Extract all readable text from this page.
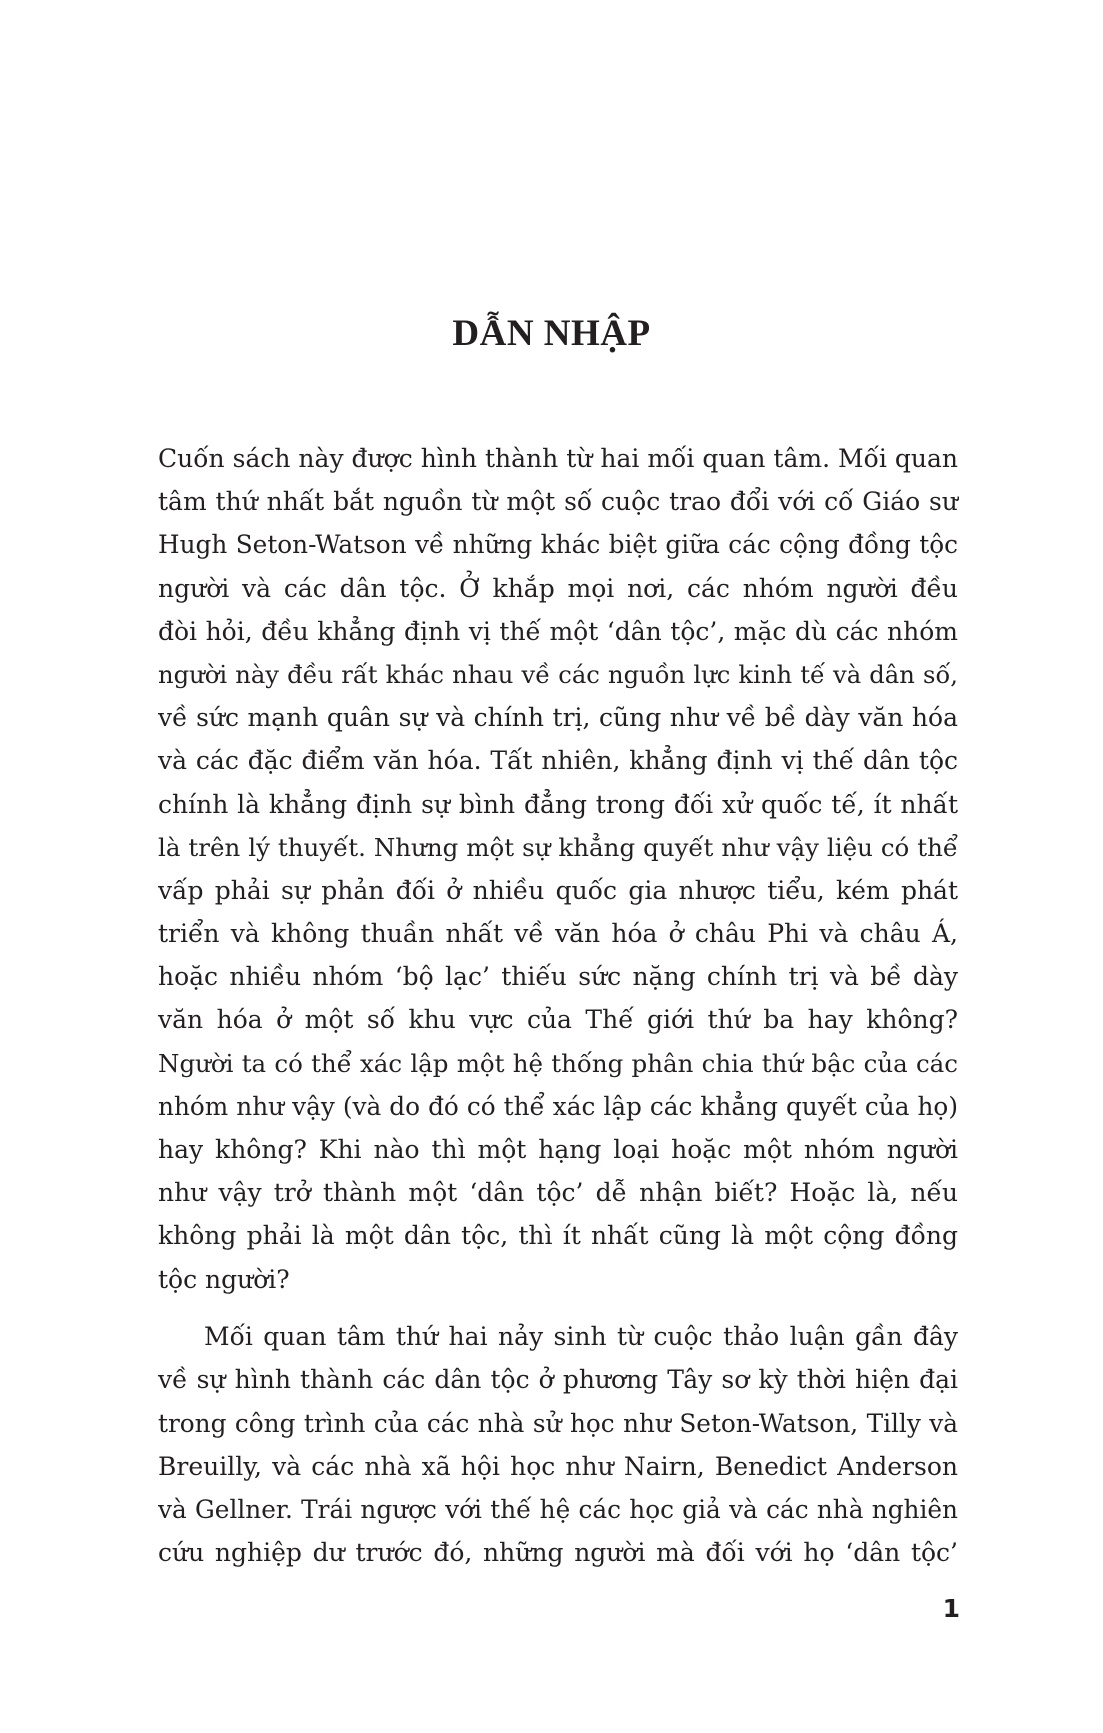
DẪN NHẬP

Cuốn sách này được hình thành từ hai mối quan tâm. Mối quan
tâm thứ nhất bắt nguồn từ một số cuộc trao đổi với cố Giáo sư
Hugh Seton-Watson về những khác biệt giữa các cộng đồng tộc
người và các dân tộc. Ở khắp mọi nơi, các nhóm người đều
đòi hỏi, đều khẳng định vị thế một ‘dân tộc’, mặc dù các nhóm
người này đều rất khác nhau về các nguồn lực kinh tế và dân số,
về sức mạnh quân sự và chính trị, cũng như về bề dày văn hóa
và các đặc điểm văn hóa. Tất nhiên, khẳng định vị thế dân tộc
chính là khẳng định sự bình đẳng trong đối xử quốc tế, ít nhất
là trên lý thuyết. Nhưng một sự khẳng quyết như vậy liệu có thể
vấp phải sự phản đối ở nhiều quốc gia nhược tiểu, kém phát
triển và không thuần nhất về văn hóa ở châu Phi và châu Á,
hoặc nhiều nhóm ‘bộ lạc’ thiếu sức nặng chính trị và bề dày
văn hóa ở một số khu vực của Thế giới thứ ba hay không?
Người ta có thể xác lập một hệ thống phân chia thứ bậc của các
nhóm như vậy (và do đó có thể xác lập các khẳng quyết của họ)
hay không? Khi nào thì một hạng loại hoặc một nhóm người
như vậy trở thành một ‘dân tộc’ dễ nhận biết? Hoặc là, nếu
không phải là một dân tộc, thì ít nhất cũng là một cộng đồng
tộc người?

Mối quan tâm thứ hai nảy sinh từ cuộc thảo luận gần đây
về sự hình thành các dân tộc ở phương Tây sơ kỳ thời hiện đại
trong công trình của các nhà sử học như Seton-Watson, Tilly và
Breuilly, và các nhà xã hội học như Nairn, Benedict Anderson
và Gellner. Trái ngược với thế hệ các học giả và các nhà nghiên
cứu nghiệp dư trước đó, những người mà đối với họ ‘dân tộc’

1
